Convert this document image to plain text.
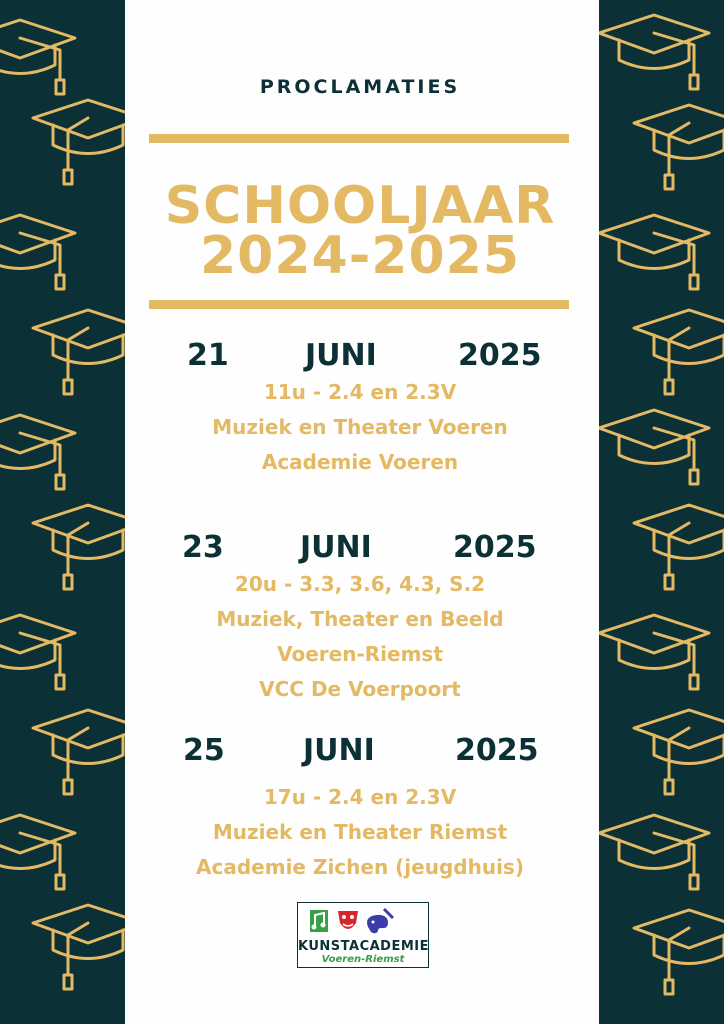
PROCLAMATIES
SCHOOLJAAR
2024-2025
21	JUNI	2025
11u - 2.4 en 2.3V
Muziek en Theater Voeren
Academie Voeren
23	JUNI	2025
20u - 3.3, 3.6, 4.3, S.2
Muziek, Theater en Beeld
Voeren-Riemst
VCC De Voerpoort
25	JUNI	2025
17u - 2.4 en 2.3V
Muziek en Theater Riemst
Academie Zichen (jeugdhuis)
KUNSTACADEMIE
Voeren-Riemst
